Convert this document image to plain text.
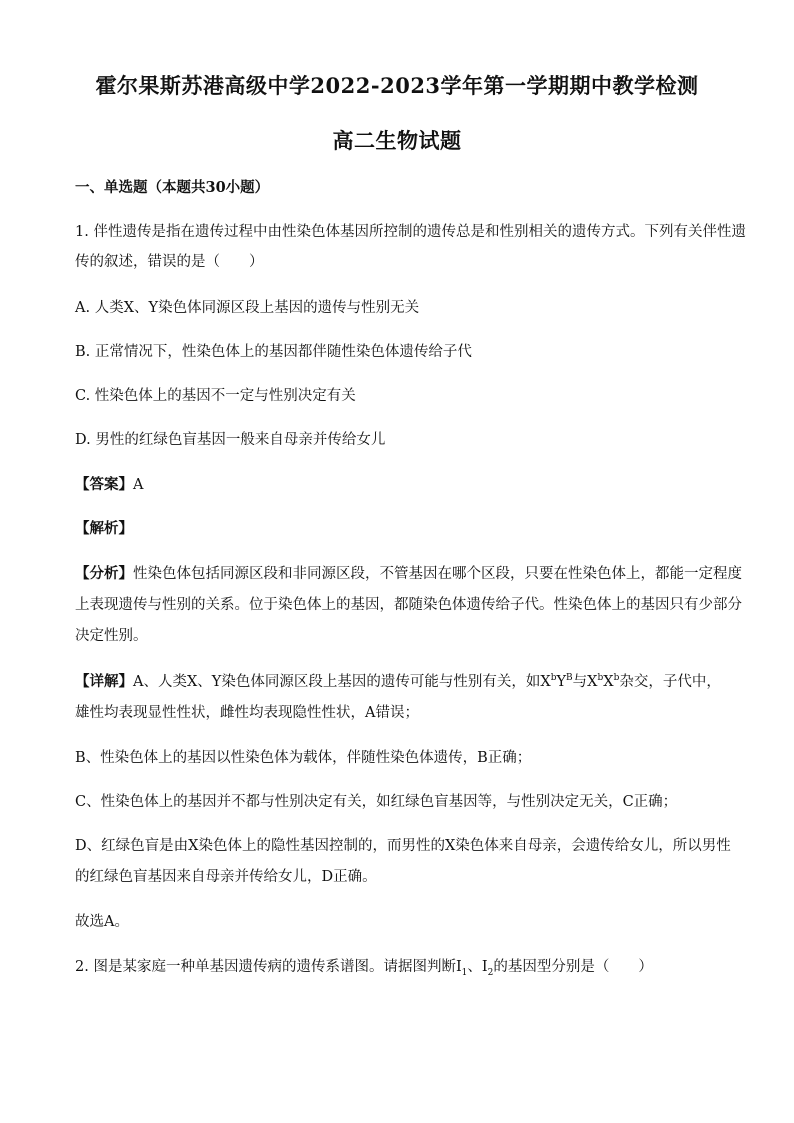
霍尔果斯苏港高级中学2022-2023学年第一学期期中教学检测
高二生物试题
一、单选题（本题共30小题）
1. 伴性遗传是指在遗传过程中由性染色体基因所控制的遗传总是和性别相关的遗传方式。下列有关伴性遗
传的叙述，错误的是（　　）
A. 人类X、Y染色体同源区段上基因的遗传与性别无关
B. 正常情况下，性染色体上的基因都伴随性染色体遗传给子代
C. 性染色体上的基因不一定与性别决定有关
D. 男性的红绿色盲基因一般来自母亲并传给女儿
【答案】A
【解析】
【分析】性染色体包括同源区段和非同源区段，不管基因在哪个区段，只要在性染色体上，都能一定程度
上表现遗传与性别的关系。位于染色体上的基因，都随染色体遗传给子代。性染色体上的基因只有少部分
决定性别。
【详解】A、人类X、Y染色体同源区段上基因的遗传可能与性别有关，如$X^bY^B$与$X^bX^b$杂交，子代中，
雄性均表现显性性状，雌性均表现隐性性状，A错误；
B、性染色体上的基因以性染色体为载体，伴随性染色体遗传，B正确；
C、性染色体上的基因并不都与性别决定有关，如红绿色盲基因等，与性别决定无关，C正确；
D、红绿色盲是由X染色体上的隐性基因控制的，而男性的X染色体来自母亲，会遗传给女儿，所以男性
的红绿色盲基因来自母亲并传给女儿，D正确。
故选A。
2. 图是某家庭一种单基因遗传病的遗传系谱图。请据图判断$Ⅰ_1$、$Ⅰ_2$的基因型分别是（　　）
